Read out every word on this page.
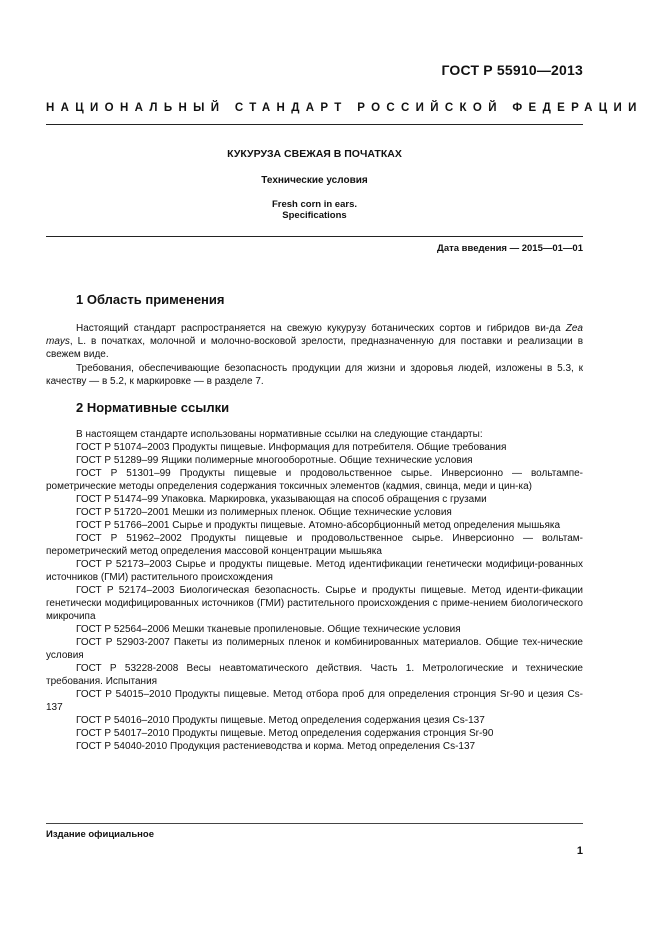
ГОСТ Р 55910—2013
НАЦИОНАЛЬНЫЙ СТАНДАРТ РОССИЙСКОЙ ФЕДЕРАЦИИ
КУКУРУЗА СВЕЖАЯ В ПОЧАТКАХ
Технические условия
Fresh corn in ears.
Specifications
Дата введения — 2015—01—01
1 Область применения
Настоящий стандарт распространяется на свежую кукурузу ботанических сортов и гибридов ви-да Zea mays, L. в початках, молочной и молочно-восковой зрелости, предназначенную для поставки и реализации в свежем виде.
Требования, обеспечивающие безопасность продукции для жизни и здоровья людей, изложены в 5.3, к качеству — в 5.2, к маркировке — в разделе 7.
2 Нормативные ссылки
В настоящем стандарте использованы нормативные ссылки на следующие стандарты:
ГОСТ Р 51074–2003 Продукты пищевые. Информация для потребителя. Общие требования
ГОСТ Р 51289–99 Ящики полимерные многооборотные. Общие технические условия
ГОСТ Р 51301–99 Продукты пищевые и продовольственное сырье. Инверсионно — вольтампе-рометрические методы определения содержания токсичных элементов (кадмия, свинца, меди и цин-ка)
ГОСТ Р 51474–99 Упаковка. Маркировка, указывающая на способ обращения с грузами
ГОСТ Р 51720–2001 Мешки из полимерных пленок. Общие технические условия
ГОСТ Р 51766–2001 Сырье и продукты пищевые. Атомно-абсорбционный метод определения мышьяка
ГОСТ Р 51962–2002 Продукты пищевые и продовольственное сырье. Инверсионно — вольтам-перометрический метод определения массовой концентрации мышьяка
ГОСТ Р 52173–2003 Сырье и продукты пищевые. Метод идентификации генетически модифици-рованных источников (ГМИ) растительного происхождения
ГОСТ Р 52174–2003 Биологическая безопасность. Сырье и продукты пищевые. Метод иденти-фикации генетически модифицированных источников (ГМИ) растительного происхождения с приме-нением биологического микрочипа
ГОСТ Р 52564–2006 Мешки тканевые пропиленовые. Общие технические условия
ГОСТ Р 52903-2007 Пакеты из полимерных пленок и комбинированных материалов. Общие тех-нические условия
ГОСТ Р 53228-2008 Весы неавтоматического действия. Часть 1. Метрологические и технические требования. Испытания
ГОСТ Р 54015–2010 Продукты пищевые. Метод отбора проб для определения стронция Sr-90 и цезия Cs-137
ГОСТ Р 54016–2010 Продукты пищевые. Метод определения содержания цезия Cs-137
ГОСТ Р 54017–2010 Продукты пищевые. Метод определения содержания стронция Sr-90
ГОСТ Р 54040-2010 Продукция растениеводства и корма. Метод определения Cs-137
Издание официальное
1
